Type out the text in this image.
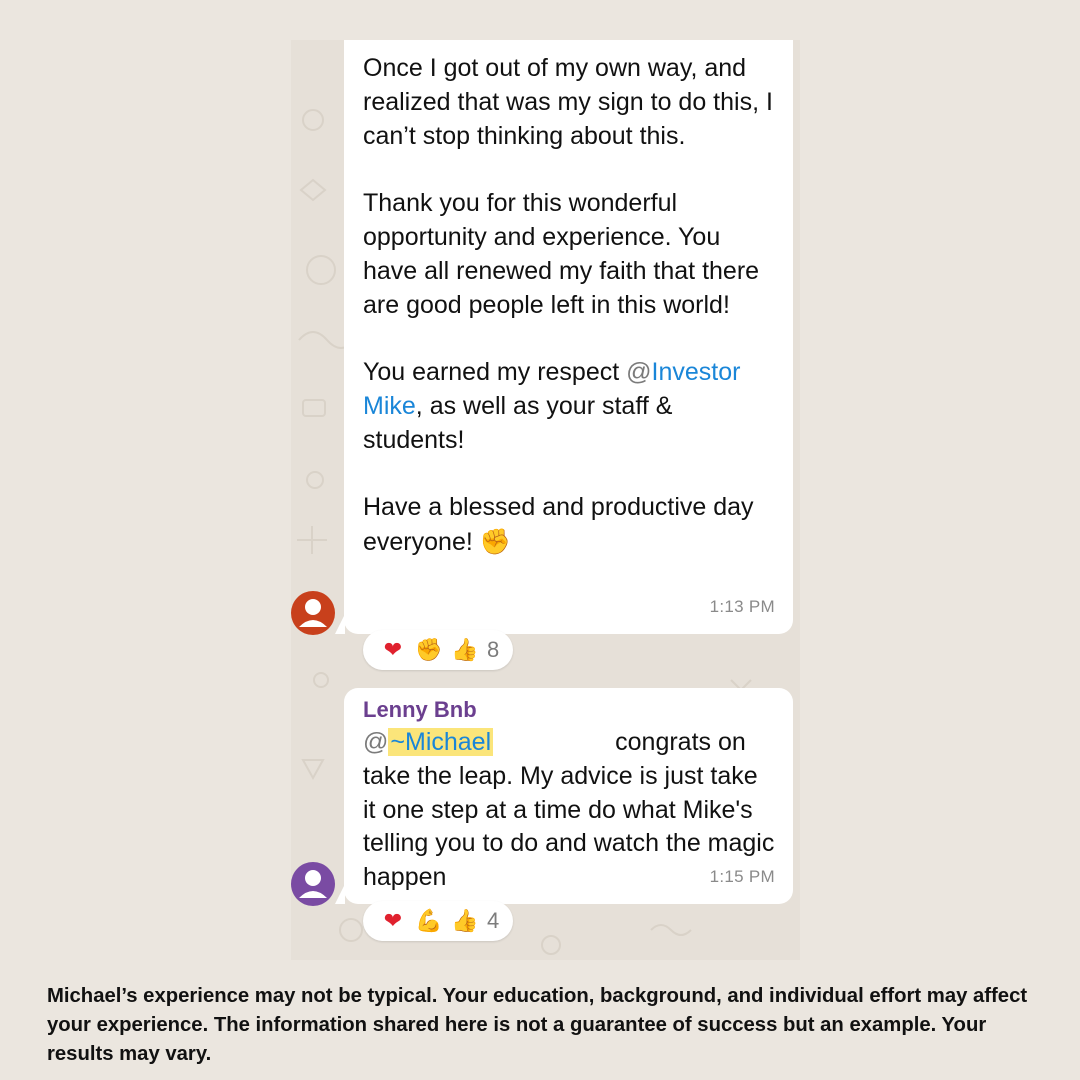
Once I got out of my own way, and realized that was my sign to do this, I can’t stop thinking about this.

Thank you for this wonderful opportunity and experience. You have all renewed my faith that there are good people left in this world!

You earned my respect @Investor Mike, as well as your staff & students!

Have a blessed and productive day everyone! ✊

1:13 PM
❤ ✊ 👍 8
Lenny Bnb

@~Michael	congrats on

take the leap. My advice is just take it one step at a time do what Mike's telling you to do and watch the magic happen	1:15 PM
❤ 💪 👍 4
Michael’s experience may not be typical. Your education, background, and individual effort may affect your experience. The information shared here is not a guarantee of success but an example. Your results may vary.
